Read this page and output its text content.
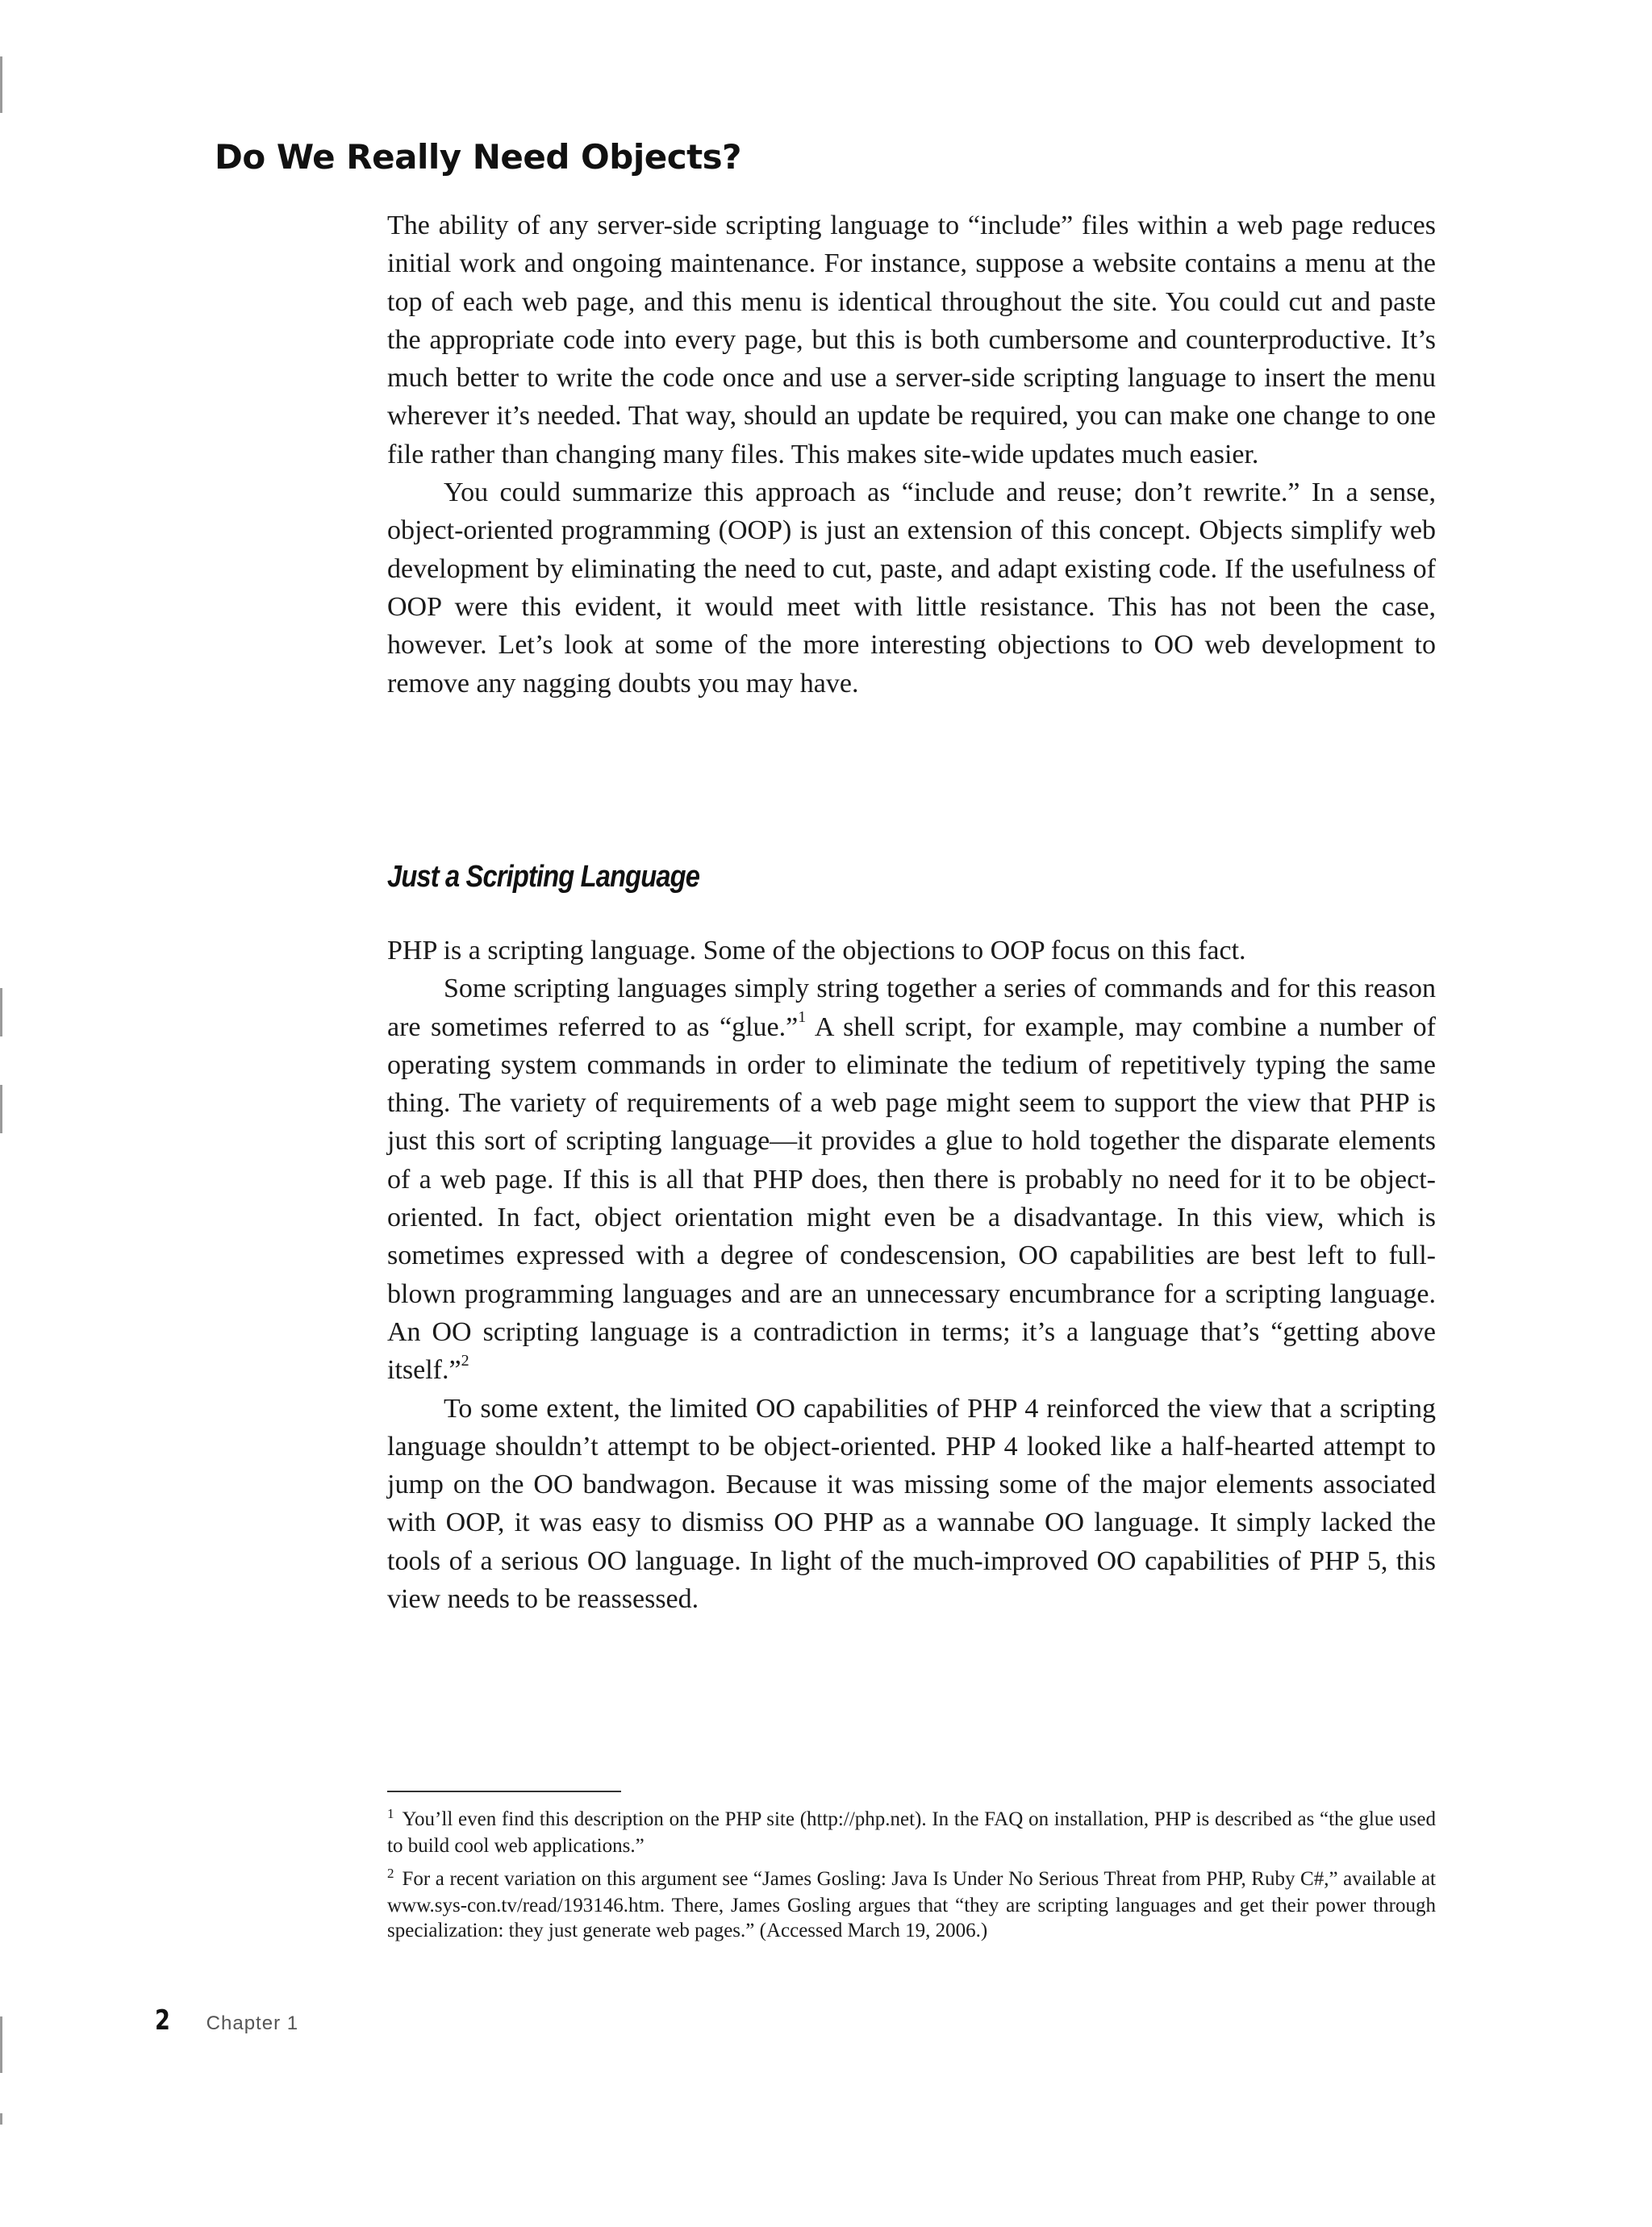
Do We Really Need Objects?

The ability of any server-side scripting language to “include” files within a web page reduces initial work and ongoing maintenance. For instance, suppose a website contains a menu at the top of each web page, and this menu is identical throughout the site. You could cut and paste the appropriate code into every page, but this is both cumbersome and counterproductive. It’s much better to write the code once and use a server-side scripting language to insert the menu wherever it’s needed. That way, should an update be required, you can make one change to one file rather than changing many files. This makes site-wide updates much easier.

You could summarize this approach as “include and reuse; don’t rewrite.” In a sense, object-oriented programming (OOP) is just an extension of this concept. Objects simplify web development by eliminating the need to cut, paste, and adapt existing code. If the usefulness of OOP were this evident, it would meet with little resistance. This has not been the case, however. Let’s look at some of the more interesting objections to OO web development to remove any nagging doubts you may have.

Just a Scripting Language

PHP is a scripting language. Some of the objections to OOP focus on this fact.

Some scripting languages simply string together a series of commands and for this reason are sometimes referred to as “glue.”$^1$ A shell script, for example, may combine a number of operating system commands in order to eliminate the tedium of repetitively typing the same thing. The variety of requirements of a web page might seem to support the view that PHP is just this sort of scripting language—it provides a glue to hold together the disparate elements of a web page. If this is all that PHP does, then there is probably no need for it to be object-oriented. In fact, object orientation might even be a disadvantage. In this view, which is sometimes expressed with a degree of condescension, OO capabilities are best left to full-blown programming languages and are an unnecessary encumbrance for a scripting language. An OO scripting language is a contradiction in terms; it’s a language that’s “getting above itself.”$^2$

To some extent, the limited OO capabilities of PHP 4 reinforced the view that a scripting language shouldn’t attempt to be object-oriented. PHP 4 looked like a half-hearted attempt to jump on the OO bandwagon. Because it was missing some of the major elements associated with OOP, it was easy to dismiss OO PHP as a wannabe OO language. It simply lacked the tools of a serious OO language. In light of the much-improved OO capabilities of PHP 5, this view needs to be reassessed.

$^1$ You’ll even find this description on the PHP site (http://php.net). In the FAQ on installation, PHP is described as “the glue used to build cool web applications.”

$^2$ For a recent variation on this argument see “James Gosling: Java Is Under No Serious Threat from PHP, Ruby C#,” available at www.sys-con.tv/read/193146.htm. There, James Gosling argues that “they are scripting languages and get their power through specialization: they just generate web pages.” (Accessed March 19, 2006.)

2 Chapter 1
